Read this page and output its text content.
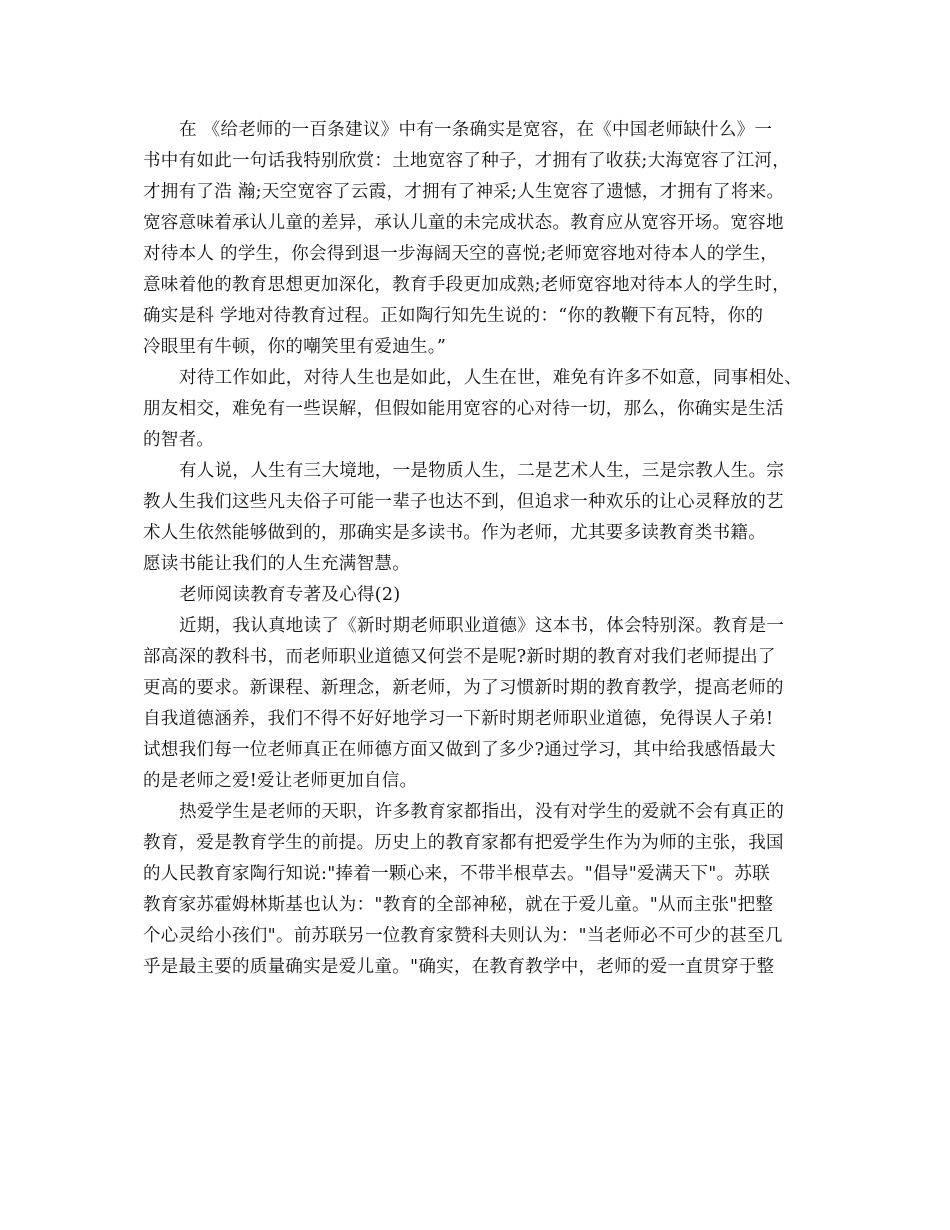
在 《给老师的一百条建议》中有一条确实是宽容，在《中国老师缺什么》一
书中有如此一句话我特别欣赏：土地宽容了种子，才拥有了收获;大海宽容了江河，
才拥有了浩 瀚;天空宽容了云霞，才拥有了神采;人生宽容了遗憾，才拥有了将来。
宽容意味着承认儿童的差异，承认儿童的未完成状态。教育应从宽容开场。宽容地
对待本人 的学生，你会得到退一步海阔天空的喜悦;老师宽容地对待本人的学生，
意味着他的教育思想更加深化，教育手段更加成熟;老师宽容地对待本人的学生时，
确实是科 学地对待教育过程。正如陶行知先生说的：“你的教鞭下有瓦特，你的
冷眼里有牛顿，你的嘲笑里有爱迪生。”
对待工作如此，对待人生也是如此，人生在世，难免有许多不如意，同事相处、
朋友相交，难免有一些误解，但假如能用宽容的心对待一切，那么，你确实是生活
的智者。
有人说，人生有三大境地，一是物质人生，二是艺术人生，三是宗教人生。宗
教人生我们这些凡夫俗子可能一辈子也达不到，但追求一种欢乐的让心灵释放的艺
术人生依然能够做到的，那确实是多读书。作为老师，尤其要多读教育类书籍。
愿读书能让我们的人生充满智慧。
老师阅读教育专著及心得(2)
近期，我认真地读了《新时期老师职业道德》这本书，体会特别深。教育是一
部高深的教科书，而老师职业道德又何尝不是呢?新时期的教育对我们老师提出了
更高的要求。新课程、新理念，新老师，为了习惯新时期的教育教学，提高老师的
自我道德涵养，我们不得不好好地学习一下新时期老师职业道德，免得误人子弟!
试想我们每一位老师真正在师德方面又做到了多少?通过学习，其中给我感悟最大
的是老师之爱!爱让老师更加自信。
热爱学生是老师的天职，许多教育家都指出，没有对学生的爱就不会有真正的
教育，爱是教育学生的前提。历史上的教育家都有把爱学生作为为师的主张，我国
的人民教育家陶行知说:"捧着一颗心来，不带半根草去。"倡导"爱满天下"。苏联
教育家苏霍姆林斯基也认为："教育的全部神秘，就在于爱儿童。"从而主张"把整
个心灵给小孩们"。前苏联另一位教育家赞科夫则认为："当老师必不可少的甚至几
乎是最主要的质量确实是爱儿童。"确实，在教育教学中，老师的爱一直贯穿于整
